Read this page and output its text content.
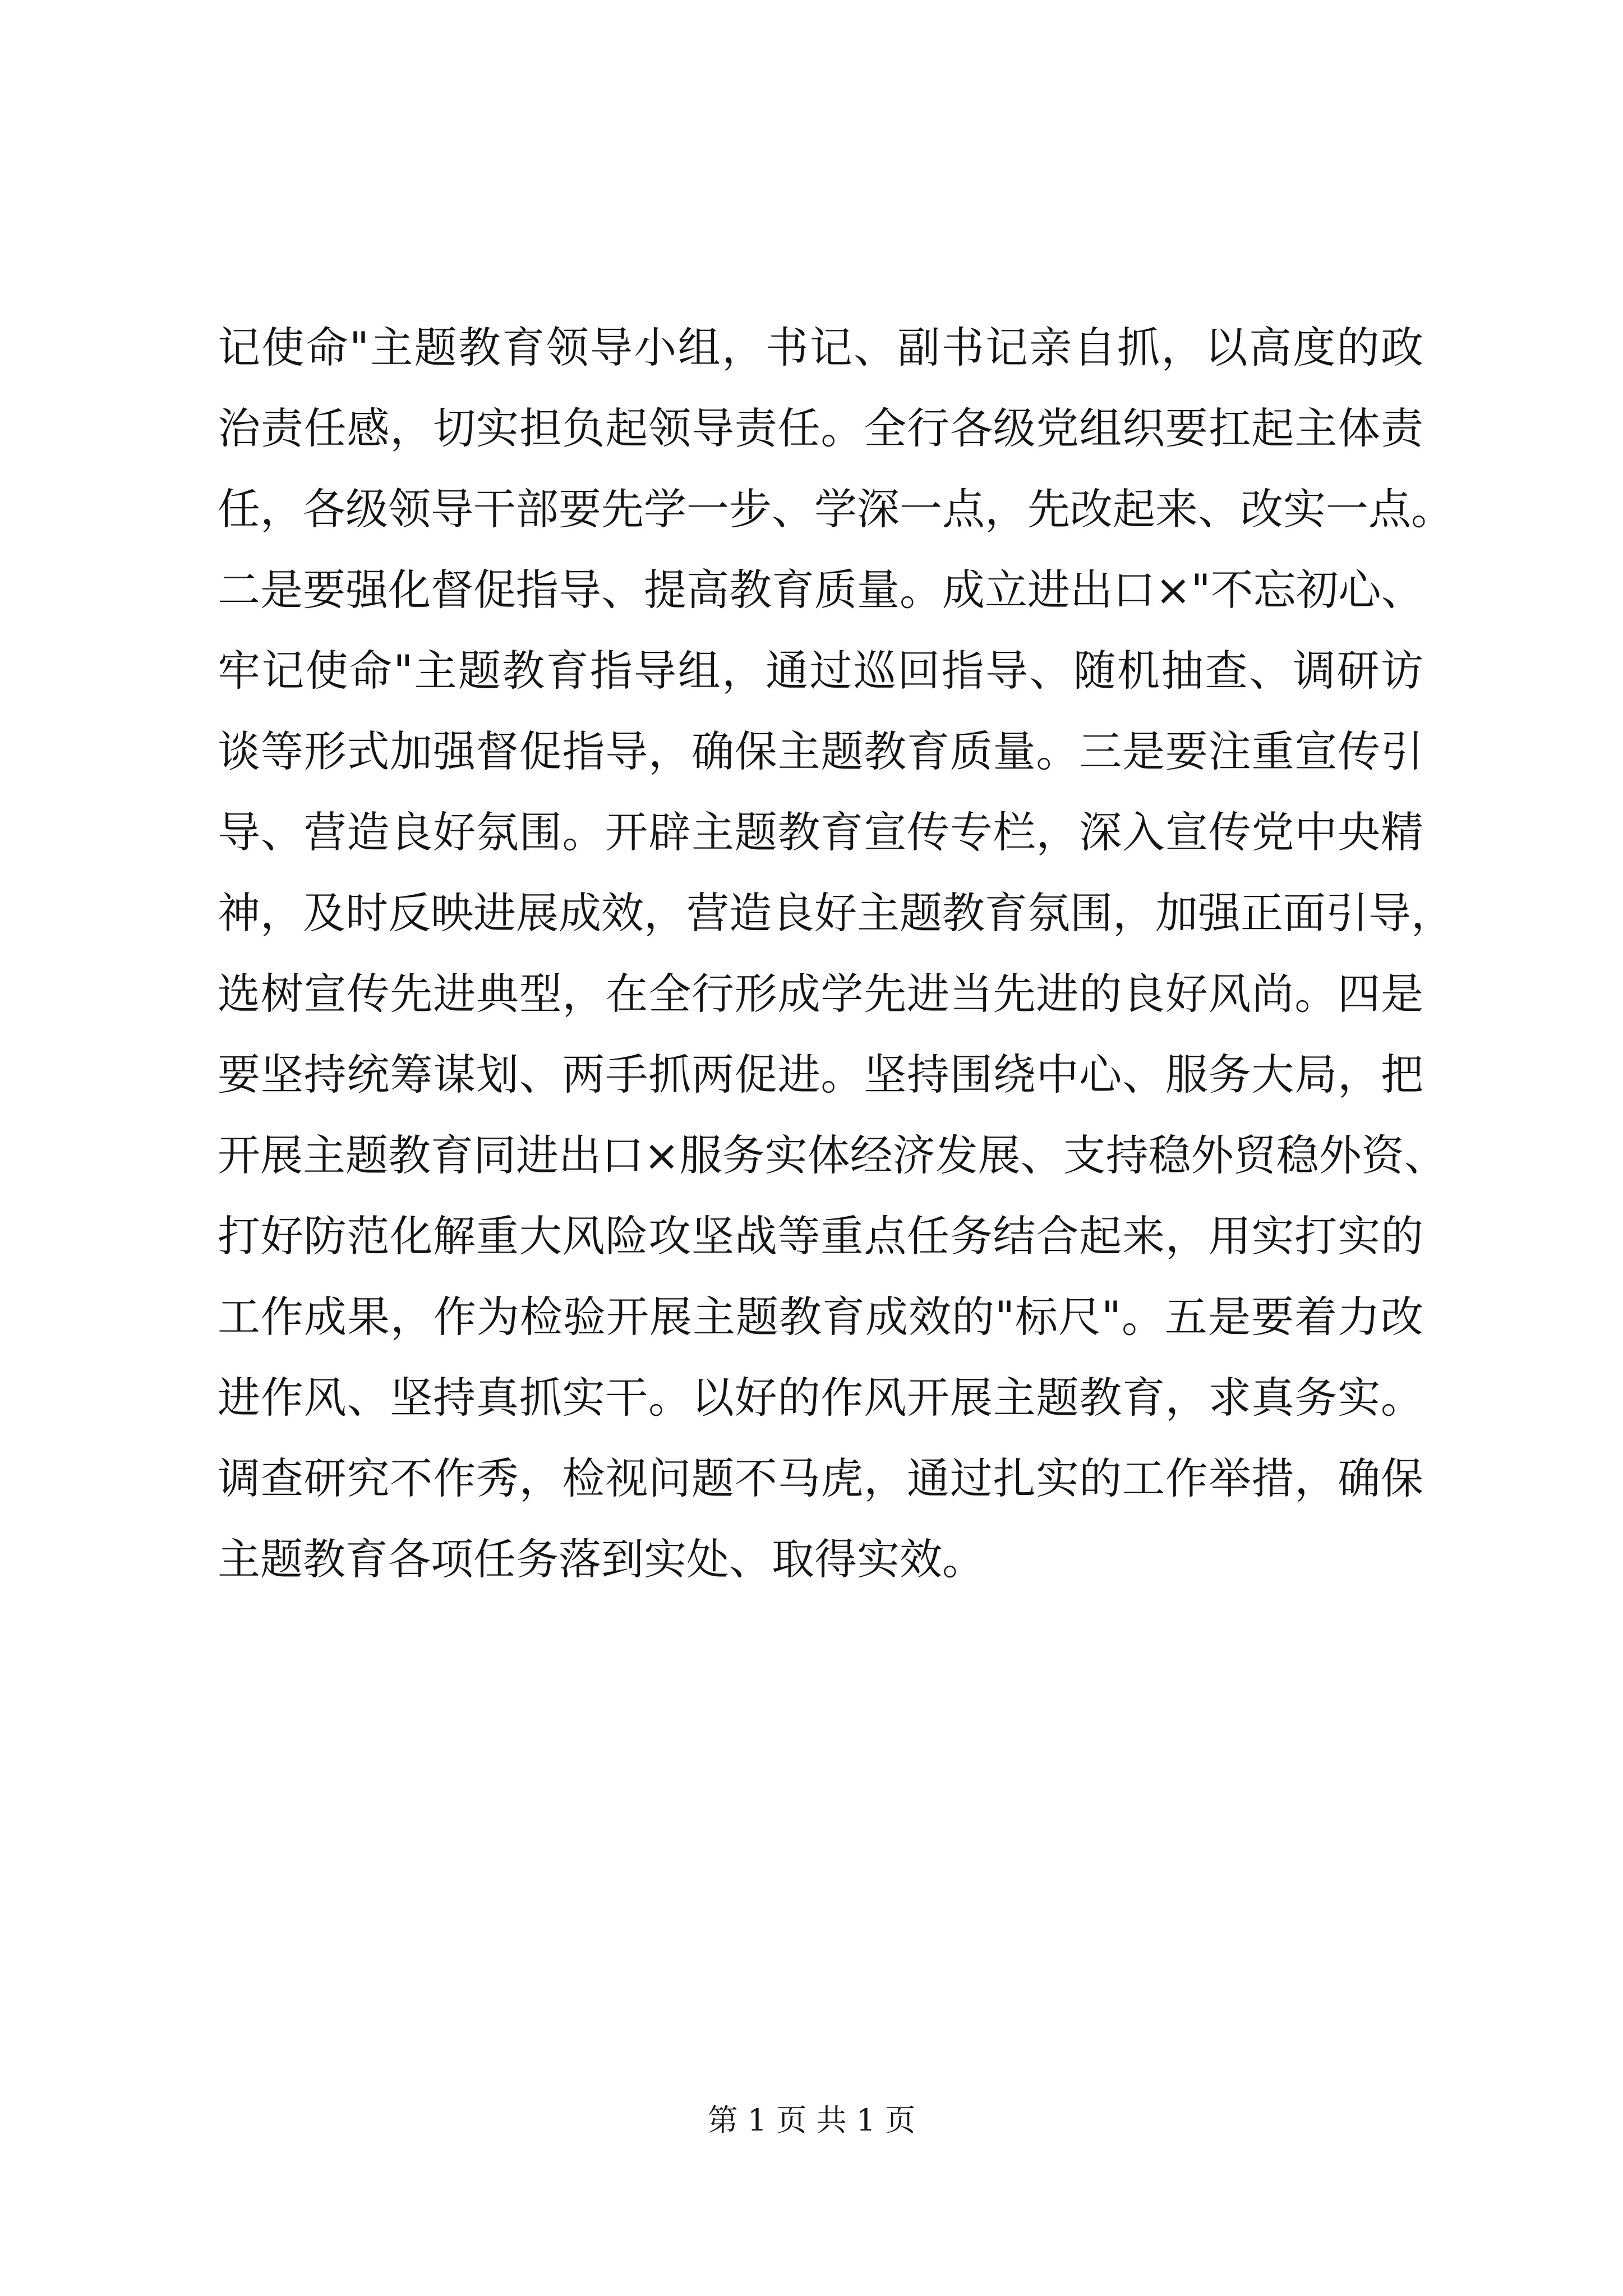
记使命"主题教育领导小组，书记、副书记亲自抓，以高度的政
治责任感，切实担负起领导责任。全行各级党组织要扛起主体责
任，各级领导干部要先学一步、学深一点，先改起来、改实一点。
二是要强化督促指导、提高教育质量。成立进出口×"不忘初心、
牢记使命"主题教育指导组，通过巡回指导、随机抽查、调研访
谈等形式加强督促指导，确保主题教育质量。三是要注重宣传引
导、营造良好氛围。开辟主题教育宣传专栏，深入宣传党中央精
神，及时反映进展成效，营造良好主题教育氛围，加强正面引导，
选树宣传先进典型，在全行形成学先进当先进的良好风尚。四是
要坚持统筹谋划、两手抓两促进。坚持围绕中心、服务大局，把
开展主题教育同进出口×服务实体经济发展、支持稳外贸稳外资、
打好防范化解重大风险攻坚战等重点任务结合起来，用实打实的
工作成果，作为检验开展主题教育成效的"标尺"。五是要着力改
进作风、坚持真抓实干。以好的作风开展主题教育，求真务实。
调查研究不作秀，检视问题不马虎，通过扎实的工作举措，确保
主题教育各项任务落到实处、取得实效。
第 1 页 共 1 页
